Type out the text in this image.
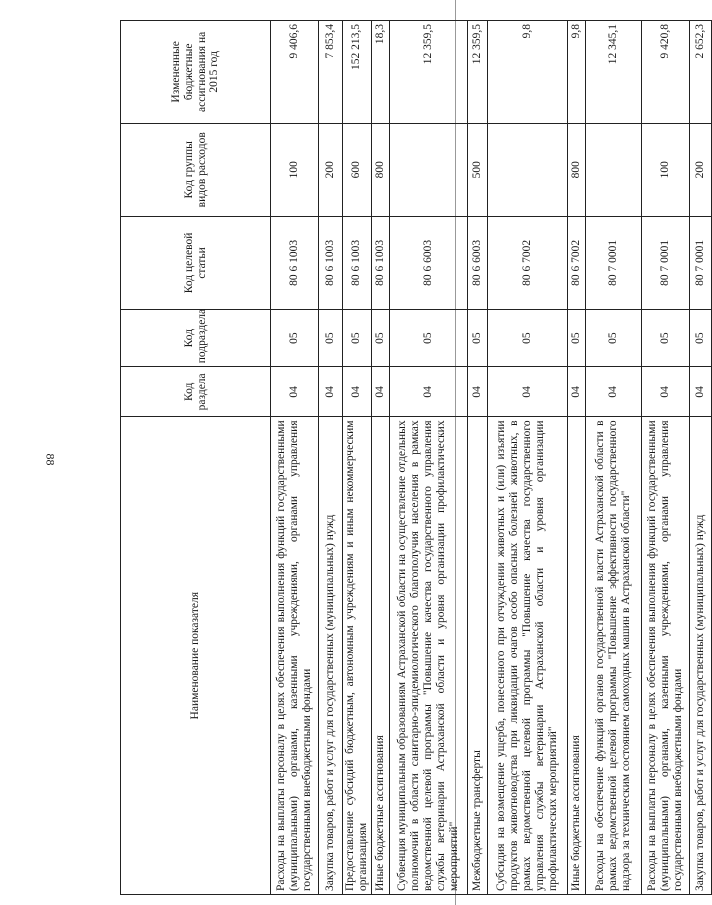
88
Наименование показателя	Код раздела	Код подраздела	Код целевой статьи	Код группы видов расходов	Измененные бюджетные ассигнования на 2015 год
Расходы на выплаты персоналу в целях обеспечения выполнения функций государственными (муниципальными) органами, казенными учреждениями, органами управления государственными внебюджетными фондами	04	05	80 6 1003	100	9 406,6
Закупка товаров, работ и услуг для государственных (муниципальных) нужд	04	05	80 6 1003	200	7 853,4
Предоставление субсидий бюджетным, автономным учреждениям и иным некоммерческим организациям	04	05	80 6 1003	600	152 213,5
Иные бюджетные ассигнования	04	05	80 6 1003	800	18,3
Субвенция муниципальным образованиям Астраханской области на осуществление отдельных полномочий в области санитарно-эпидемиологического благополучия населения в рамках ведомственной целевой программы "Повышение качества государственного управления службы ветеринарии Астраханской области и уровня организации профилактических мероприятий"	04	05	80 6 6003		12 359,5
Межбюджетные трансферты	04	05	80 6 6003	500	12 359,5
Субсидия на возмещение ущерба, понесенного при отчуждении животных и (или) изъятии продуктов животноводства при ликвидации очагов особо опасных болезней животных, в рамках ведомственной целевой программы "Повышение качества государственного управления службы ветеринарии Астраханской области и уровня организации профилактических мероприятий"	04	05	80 6 7002		9,8
Иные бюджетные ассигнования	04	05	80 6 7002	800	9,8
Расходы на обеспечение функций органов государственной власти Астраханской области в рамках ведомственной целевой программы "Повышение эффективности государственного надзора за техническим состоянием самоходных машин в Астраханской области"	04	05	80 7 0001		12 345,1
Расходы на выплаты персоналу в целях обеспечения выполнения функций государственными (муниципальными) органами, казенными учреждениями, органами управления государственными внебюджетными фондами	04	05	80 7 0001	100	9 420,8
Закупка товаров, работ и услуг для государственных (муниципальных) нужд	04	05	80 7 0001	200	2 652,3
